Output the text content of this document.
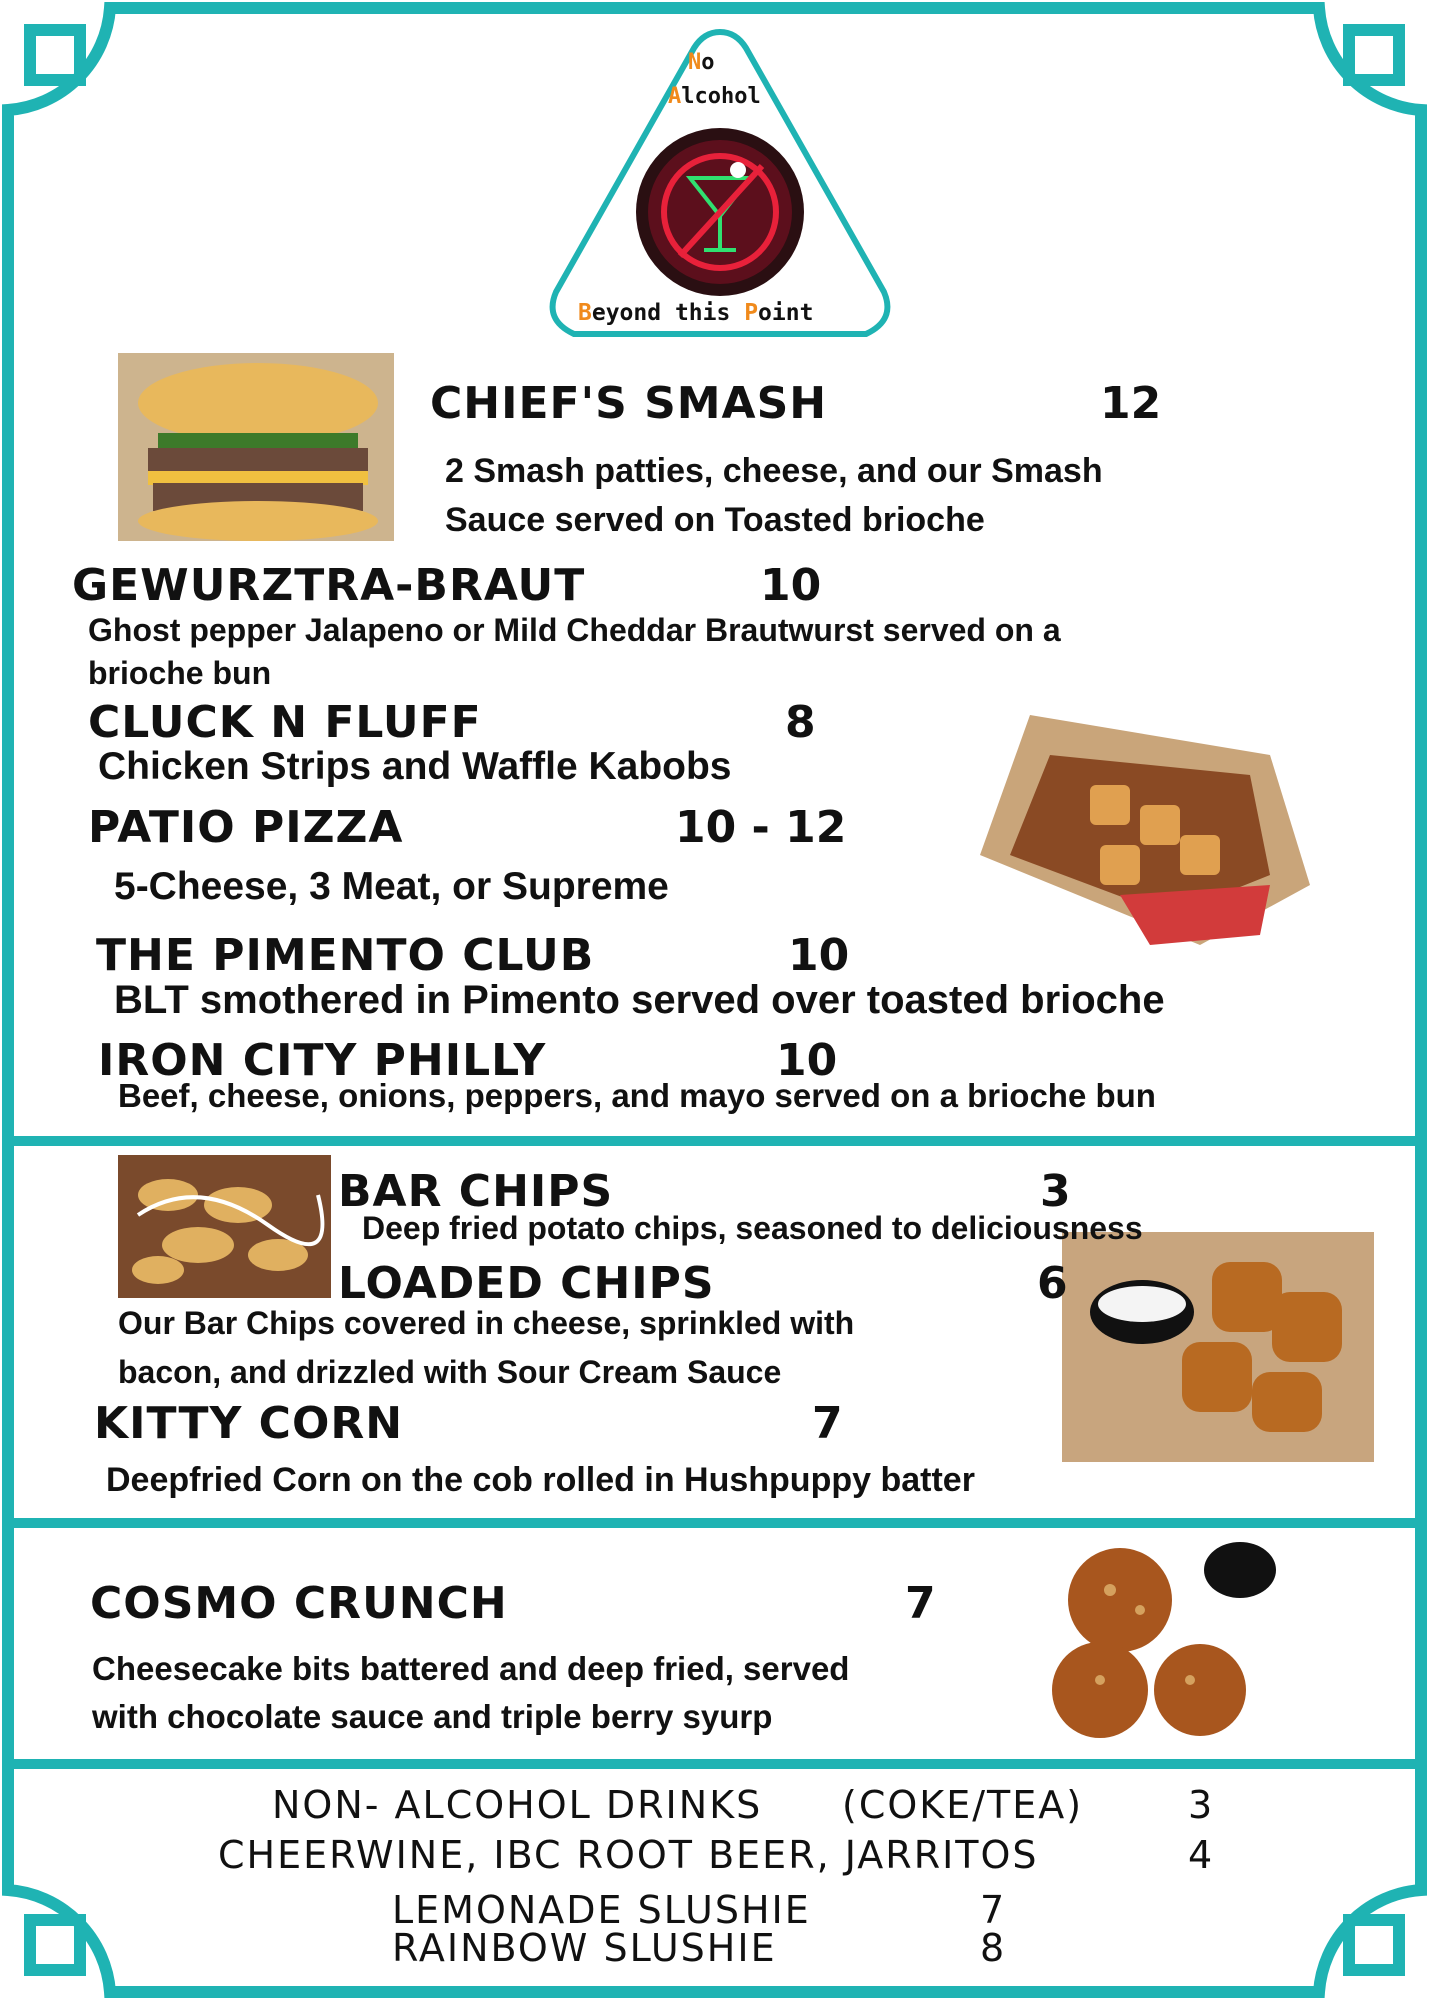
No
Alcohol
Beyond this Point
CHIEF'S SMASH	12
2 Smash patties, cheese, and our Smash
Sauce served on Toasted brioche
GEWURZTRA-BRAUT	10
Ghost pepper Jalapeno or Mild Cheddar Brautwurst served on a
brioche bun
CLUCK N FLUFF	8
Chicken Strips and Waffle Kabobs
PATIO PIZZA	10 - 12
5-Cheese, 3 Meat, or Supreme
THE PIMENTO CLUB	10
BLT smothered in Pimento served over toasted brioche
IRON CITY PHILLY	10
Beef, cheese, onions, peppers, and mayo served on a brioche bun
BAR CHIPS	3
Deep fried potato chips, seasoned to deliciousness
LOADED CHIPS	6
Our Bar Chips covered in cheese, sprinkled with
bacon, and drizzled with Sour Cream Sauce
KITTY CORN	7
Deepfried Corn on the cob rolled in Hushpuppy batter
COSMO CRUNCH	7
Cheesecake bits battered and deep fried, served
with chocolate sauce and triple berry syurp
NON- ALCOHOL DRINKS (COKE/TEA)	3
CHEERWINE, IBC ROOT BEER, JARRITOS	4
LEMONADE SLUSHIE	7
RAINBOW SLUSHIE	8
